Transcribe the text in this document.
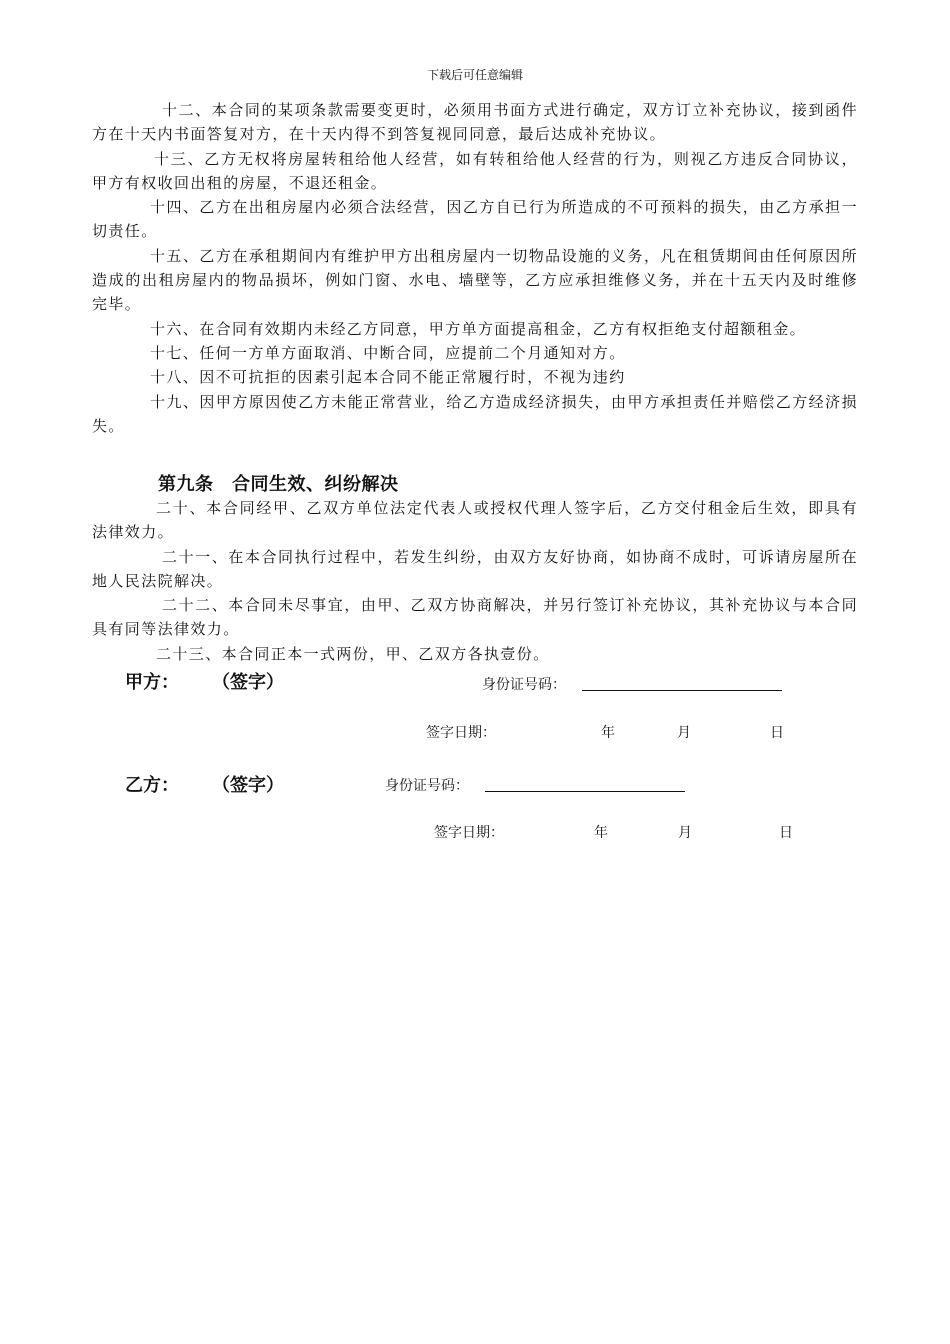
下载后可任意编辑

十二、本合同的某项条款需要变更时，必须用书面方式进行确定，双方订立补充协议，接到函件方在十天内书面答复对方，在十天内得不到答复视同同意，最后达成补充协议。

十三、乙方无权将房屋转租给他人经营，如有转租给他人经营的行为，则视乙方违反合同协议，甲方有权收回出租的房屋，不退还租金。

十四、乙方在出租房屋内必须合法经营，因乙方自已行为所造成的不可预料的损失，由乙方承担一切责任。

十五、乙方在承租期间内有维护甲方出租房屋内一切物品设施的义务，凡在租赁期间由任何原因所造成的出租房屋内的物品损坏，例如门窗、水电、墙壁等，乙方应承担维修义务，并在十五天内及时维修完毕。

十六、在合同有效期内未经乙方同意，甲方单方面提高租金，乙方有权拒绝支付超额租金。

十七、任何一方单方面取消、中断合同，应提前二个月通知对方。

十八、因不可抗拒的因素引起本合同不能正常履行时，不视为违约

十九、因甲方原因使乙方未能正常营业，给乙方造成经济损失，由甲方承担责任并赔偿乙方经济损失。

第九条　合同生效、纠纷解决

二十、本合同经甲、乙双方单位法定代表人或授权代理人签字后，乙方交付租金后生效，即具有法律效力。

二十一、在本合同执行过程中，若发生纠纷，由双方友好协商，如协商不成时，可诉请房屋所在地人民法院解决。

二十二、本合同未尽事宜，由甲、乙双方协商解决，并另行签订补充协议，其补充协议与本合同具有同等法律效力。

二十三、本合同正本一式两份，甲、乙双方各执壹份。

甲方： （签字）	身份证号码：
签字日期：	年	月	日
乙方： （签字）	身份证号码：
签字日期：	年	月	日
